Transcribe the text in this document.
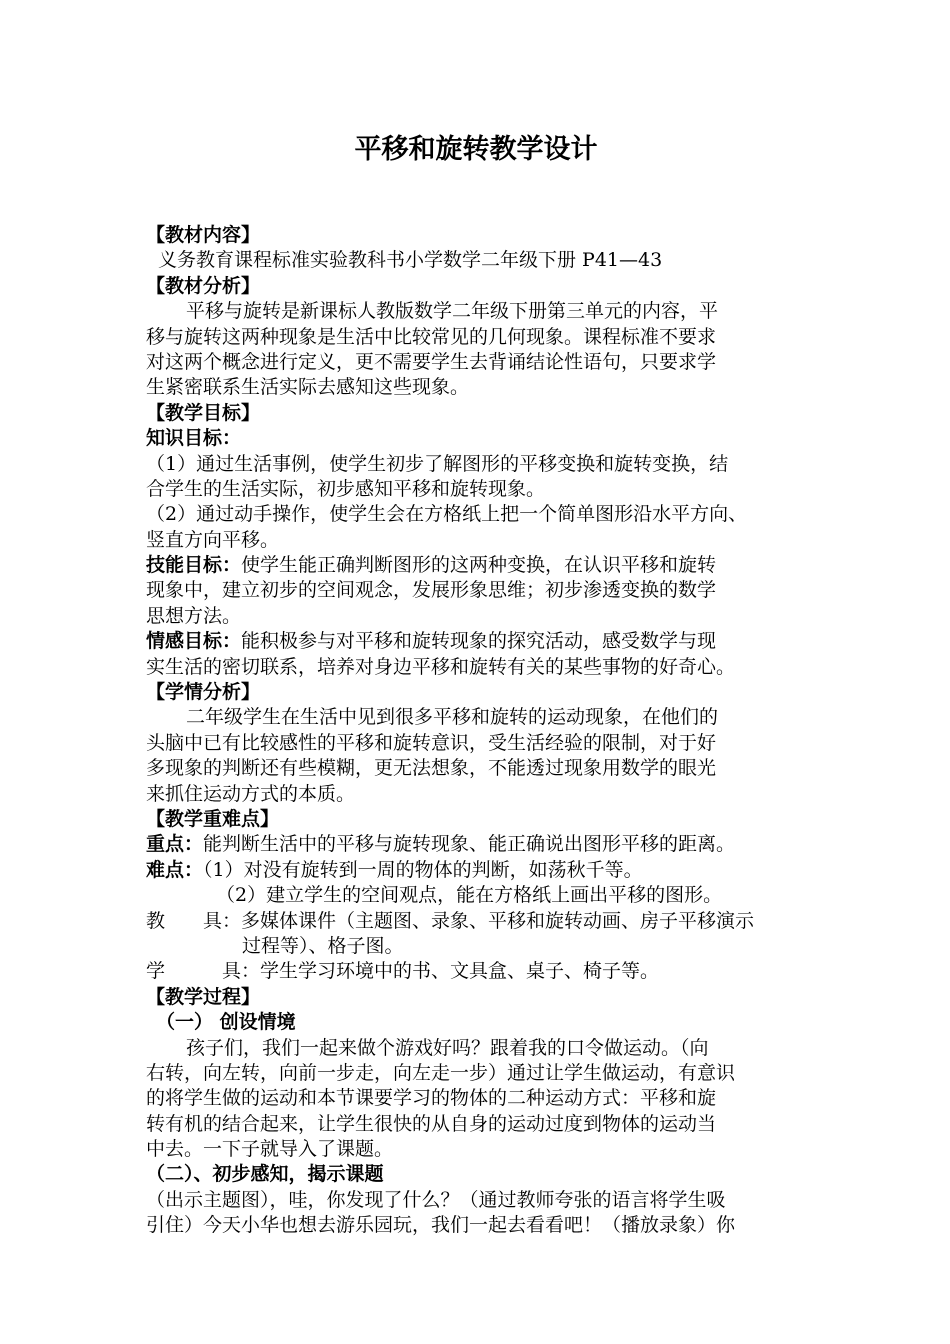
平移和旋转教学设计
【教材内容】
义务教育课程标准实验教科书小学数学二年级下册 P41—43
【教材分析】
平移与旋转是新课标人教版数学二年级下册第三单元的内容，平
移与旋转这两种现象是生活中比较常见的几何现象。课程标准不要求
对这两个概念进行定义，更不需要学生去背诵结论性语句，只要求学
生紧密联系生活实际去感知这些现象。
【教学目标】
知识目标：
（1）通过生活事例，使学生初步了解图形的平移变换和旋转变换，结
合学生的生活实际，初步感知平移和旋转现象。
（2）通过动手操作，使学生会在方格纸上把一个简单图形沿水平方向、
竖直方向平移。
技能目标：使学生能正确判断图形的这两种变换，在认识平移和旋转
现象中，建立初步的空间观念，发展形象思维；初步渗透变换的数学
思想方法。
情感目标：能积极参与对平移和旋转现象的探究活动，感受数学与现
实生活的密切联系，培养对身边平移和旋转有关的某些事物的好奇心。
【学情分析】
二年级学生在生活中见到很多平移和旋转的运动现象，在他们的
头脑中已有比较感性的平移和旋转意识，受生活经验的限制，对于好
多现象的判断还有些模糊，更无法想象，不能透过现象用数学的眼光
来抓住运动方式的本质。
【教学重难点】
重点：能判断生活中的平移与旋转现象、能正确说出图形平移的距离。
难点：（1）对没有旋转到一周的物体的判断，如荡秋千等。
（2）建立学生的空间观点，能在方格纸上画出平移的图形。
教　　具：多媒体课件（主题图、录象、平移和旋转动画、房子平移演示
过程等）、格子图。
学　　　具：学生学习环境中的书、文具盒、桌子、椅子等。
【教学过程】
（一） 创设情境
孩子们，我们一起来做个游戏好吗？跟着我的口令做运动。（向
右转，向左转，向前一步走，向左走一步）通过让学生做运动，有意识
的将学生做的运动和本节课要学习的物体的二种运动方式：平移和旋
转有机的结合起来，让学生很快的从自身的运动过度到物体的运动当
中去。一下子就导入了课题。
（二）、初步感知，揭示课题
（出示主题图），哇，你发现了什么？（通过教师夸张的语言将学生吸
引住）今天小华也想去游乐园玩，我们一起去看看吧！（播放录象）你
